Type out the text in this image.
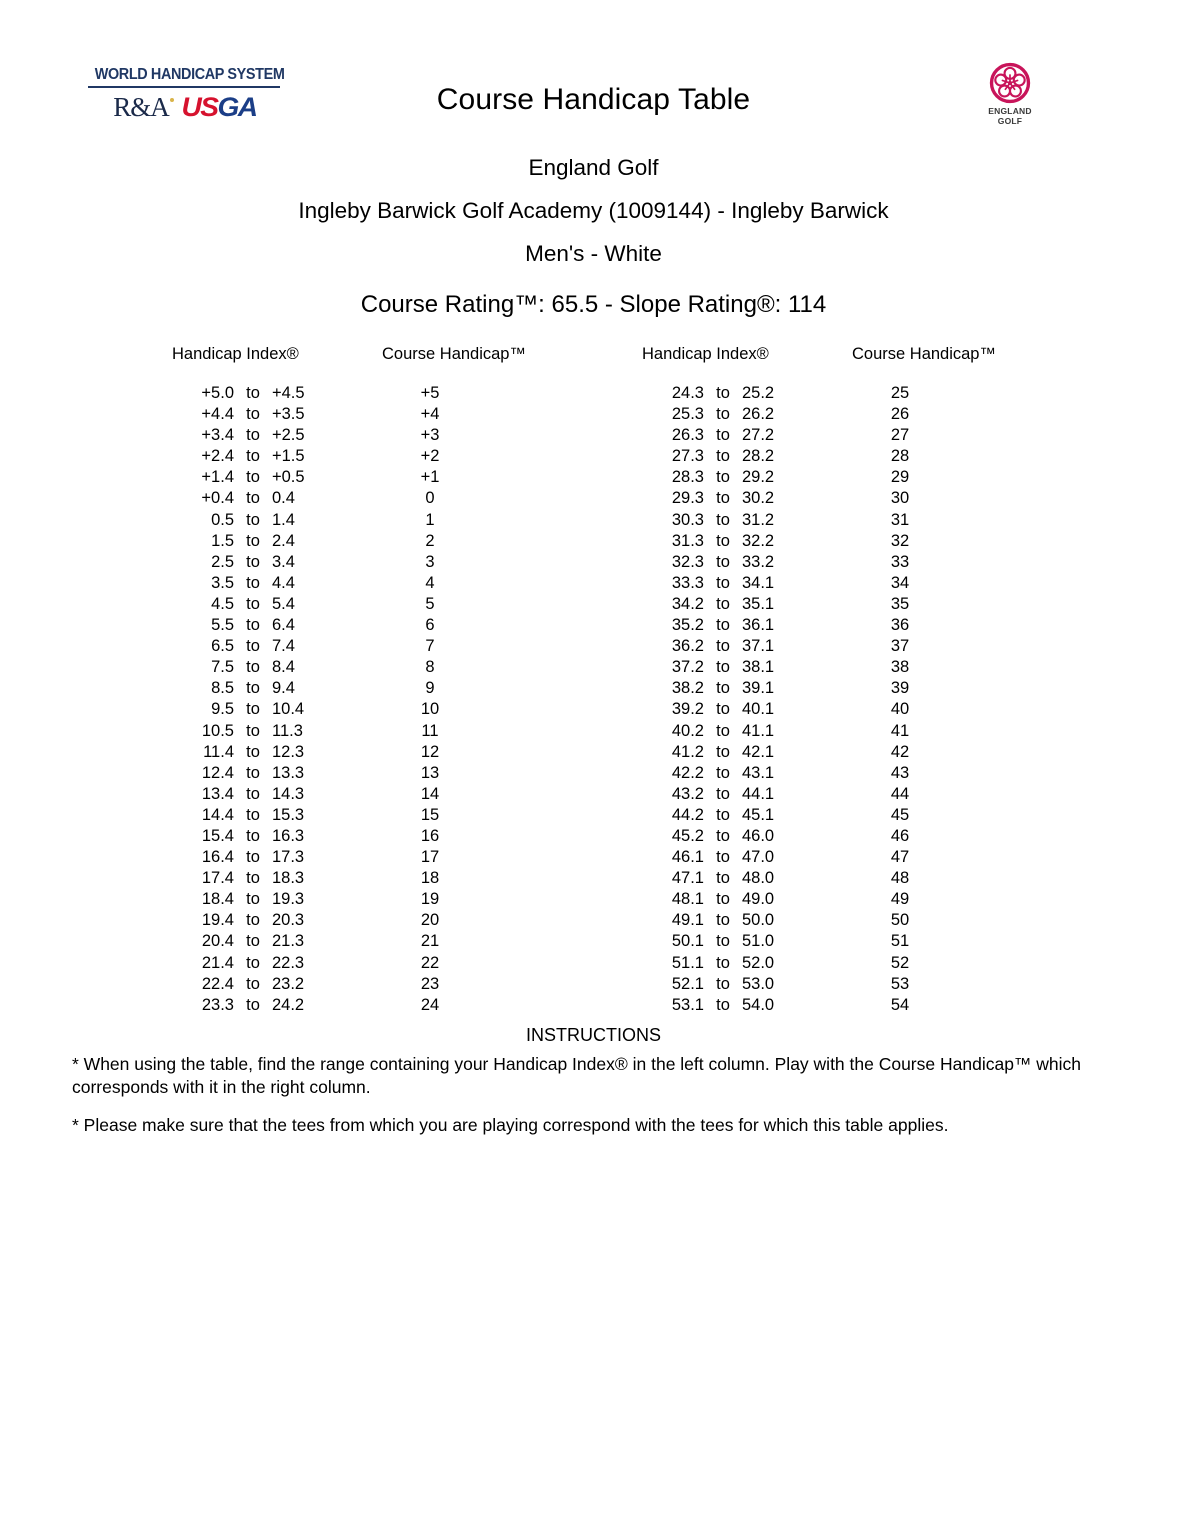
WORLD HANDICAP SYSTEM
R&A USGA	ENGLAND
GOLF
Course Handicap Table
England Golf
Ingleby Barwick Golf Academy (1009144) - Ingleby Barwick
Men's - White
Course Rating™: 65.5 - Slope Rating®: 114
Handicap Index®	Course Handicap™
+5.0 to +4.5	+5
+4.4 to +3.5	+4
+3.4 to +2.5	+3
+2.4 to +1.5	+2
+1.4 to +0.5	+1
+0.4 to 0.4	0
0.5 to 1.4	1
1.5 to 2.4	2
2.5 to 3.4	3
3.5 to 4.4	4
4.5 to 5.4	5
5.5 to 6.4	6
6.5 to 7.4	7
7.5 to 8.4	8
8.5 to 9.4	9
9.5 to 10.4	10
10.5 to 11.3	11
11.4 to 12.3	12
12.4 to 13.3	13
13.4 to 14.3	14
14.4 to 15.3	15
15.4 to 16.3	16
16.4 to 17.3	17
17.4 to 18.3	18
18.4 to 19.3	19
19.4 to 20.3	20
20.4 to 21.3	21
21.4 to 22.3	22
22.4 to 23.2	23
23.3 to 24.2	24
Handicap Index®	Course Handicap™
24.3 to 25.2	25
25.3 to 26.2	26
26.3 to 27.2	27
27.3 to 28.2	28
28.3 to 29.2	29
29.3 to 30.2	30
30.3 to 31.2	31
31.3 to 32.2	32
32.3 to 33.2	33
33.3 to 34.1	34
34.2 to 35.1	35
35.2 to 36.1	36
36.2 to 37.1	37
37.2 to 38.1	38
38.2 to 39.1	39
39.2 to 40.1	40
40.2 to 41.1	41
41.2 to 42.1	42
42.2 to 43.1	43
43.2 to 44.1	44
44.2 to 45.1	45
45.2 to 46.0	46
46.1 to 47.0	47
47.1 to 48.0	48
48.1 to 49.0	49
49.1 to 50.0	50
50.1 to 51.0	51
51.1 to 52.0	52
52.1 to 53.0	53
53.1 to 54.0	54
INSTRUCTIONS
* When using the table, find the range containing your Handicap Index® in the left column. Play with the Course Handicap™ which corresponds with it in the right column.
* Please make sure that the tees from which you are playing correspond with the tees for which this table applies.
